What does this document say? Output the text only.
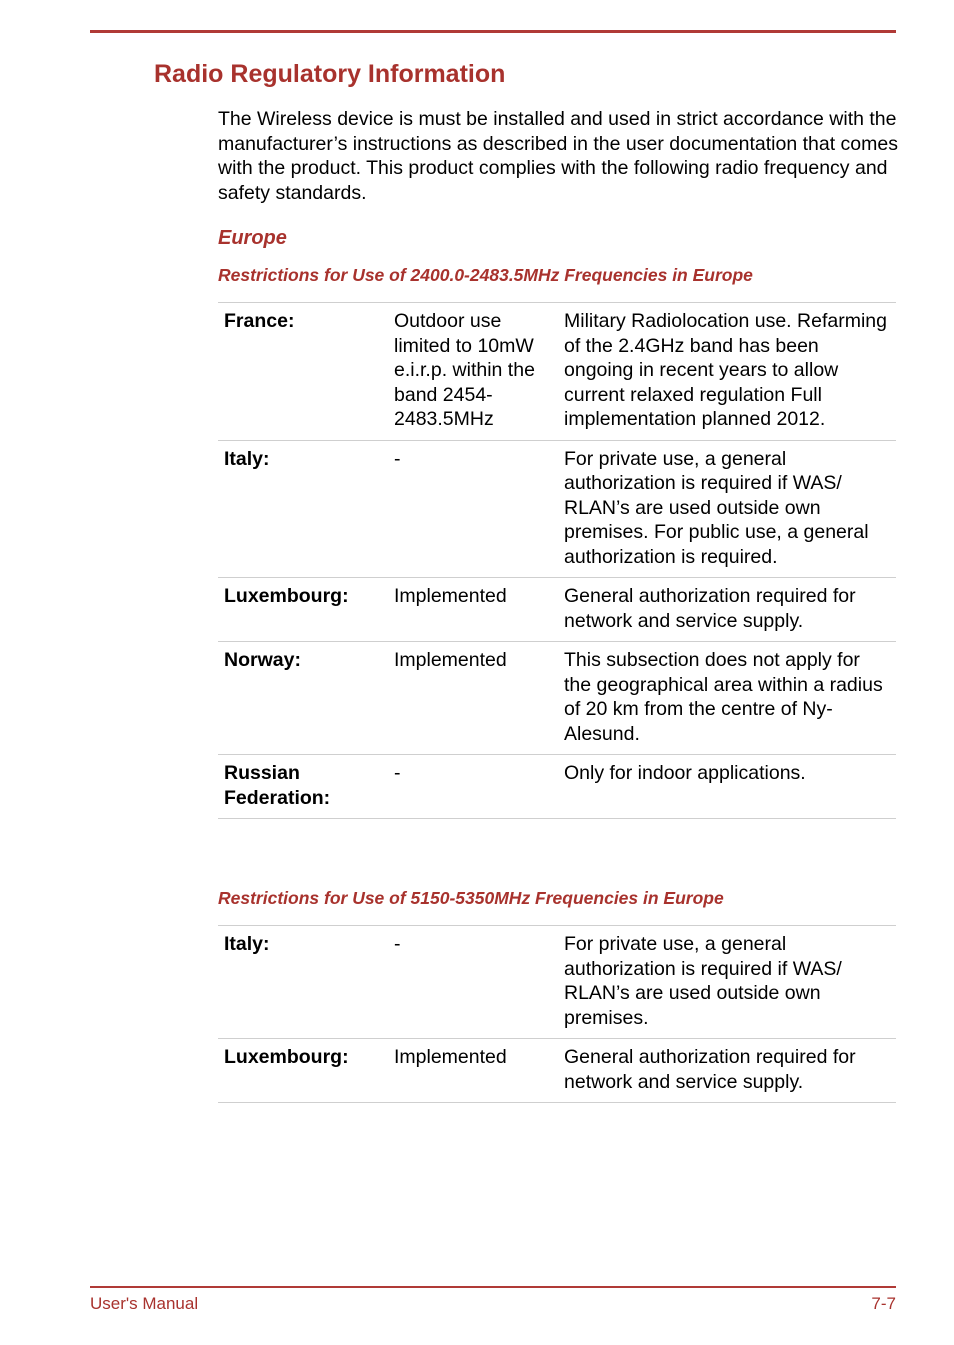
Radio Regulatory Information

The Wireless device is must be installed and used in strict accordance with the manufacturer’s instructions as described in the user documentation that comes with the product. This product complies with the following radio frequency and safety standards.

Europe
Restrictions for Use of 2400.0-2483.5MHz Frequencies in Europe
France:	Outdoor use limited to 10mW e.i.r.p. within the band 2454-2483.5MHz	Military Radiolocation use. Refarming of the 2.4GHz band has been ongoing in recent years to allow current relaxed regulation Full implementation planned 2012.
Italy:	-	For private use, a general authorization is required if WAS/ RLAN’s are used outside own premises. For public use, a general authorization is required.
Luxembourg:	Implemented	General authorization required for network and service supply.
Norway:	Implemented	This subsection does not apply for the geographical area within a radius of 20 km from the centre of Ny-Alesund.
Russian Federation:	-	Only for indoor applications.
Restrictions for Use of 5150-5350MHz Frequencies in Europe
Italy:	-	For private use, a general authorization is required if WAS/ RLAN’s are used outside own premises.
Luxembourg:	Implemented	General authorization required for network and service supply.
User's Manual	7-7
